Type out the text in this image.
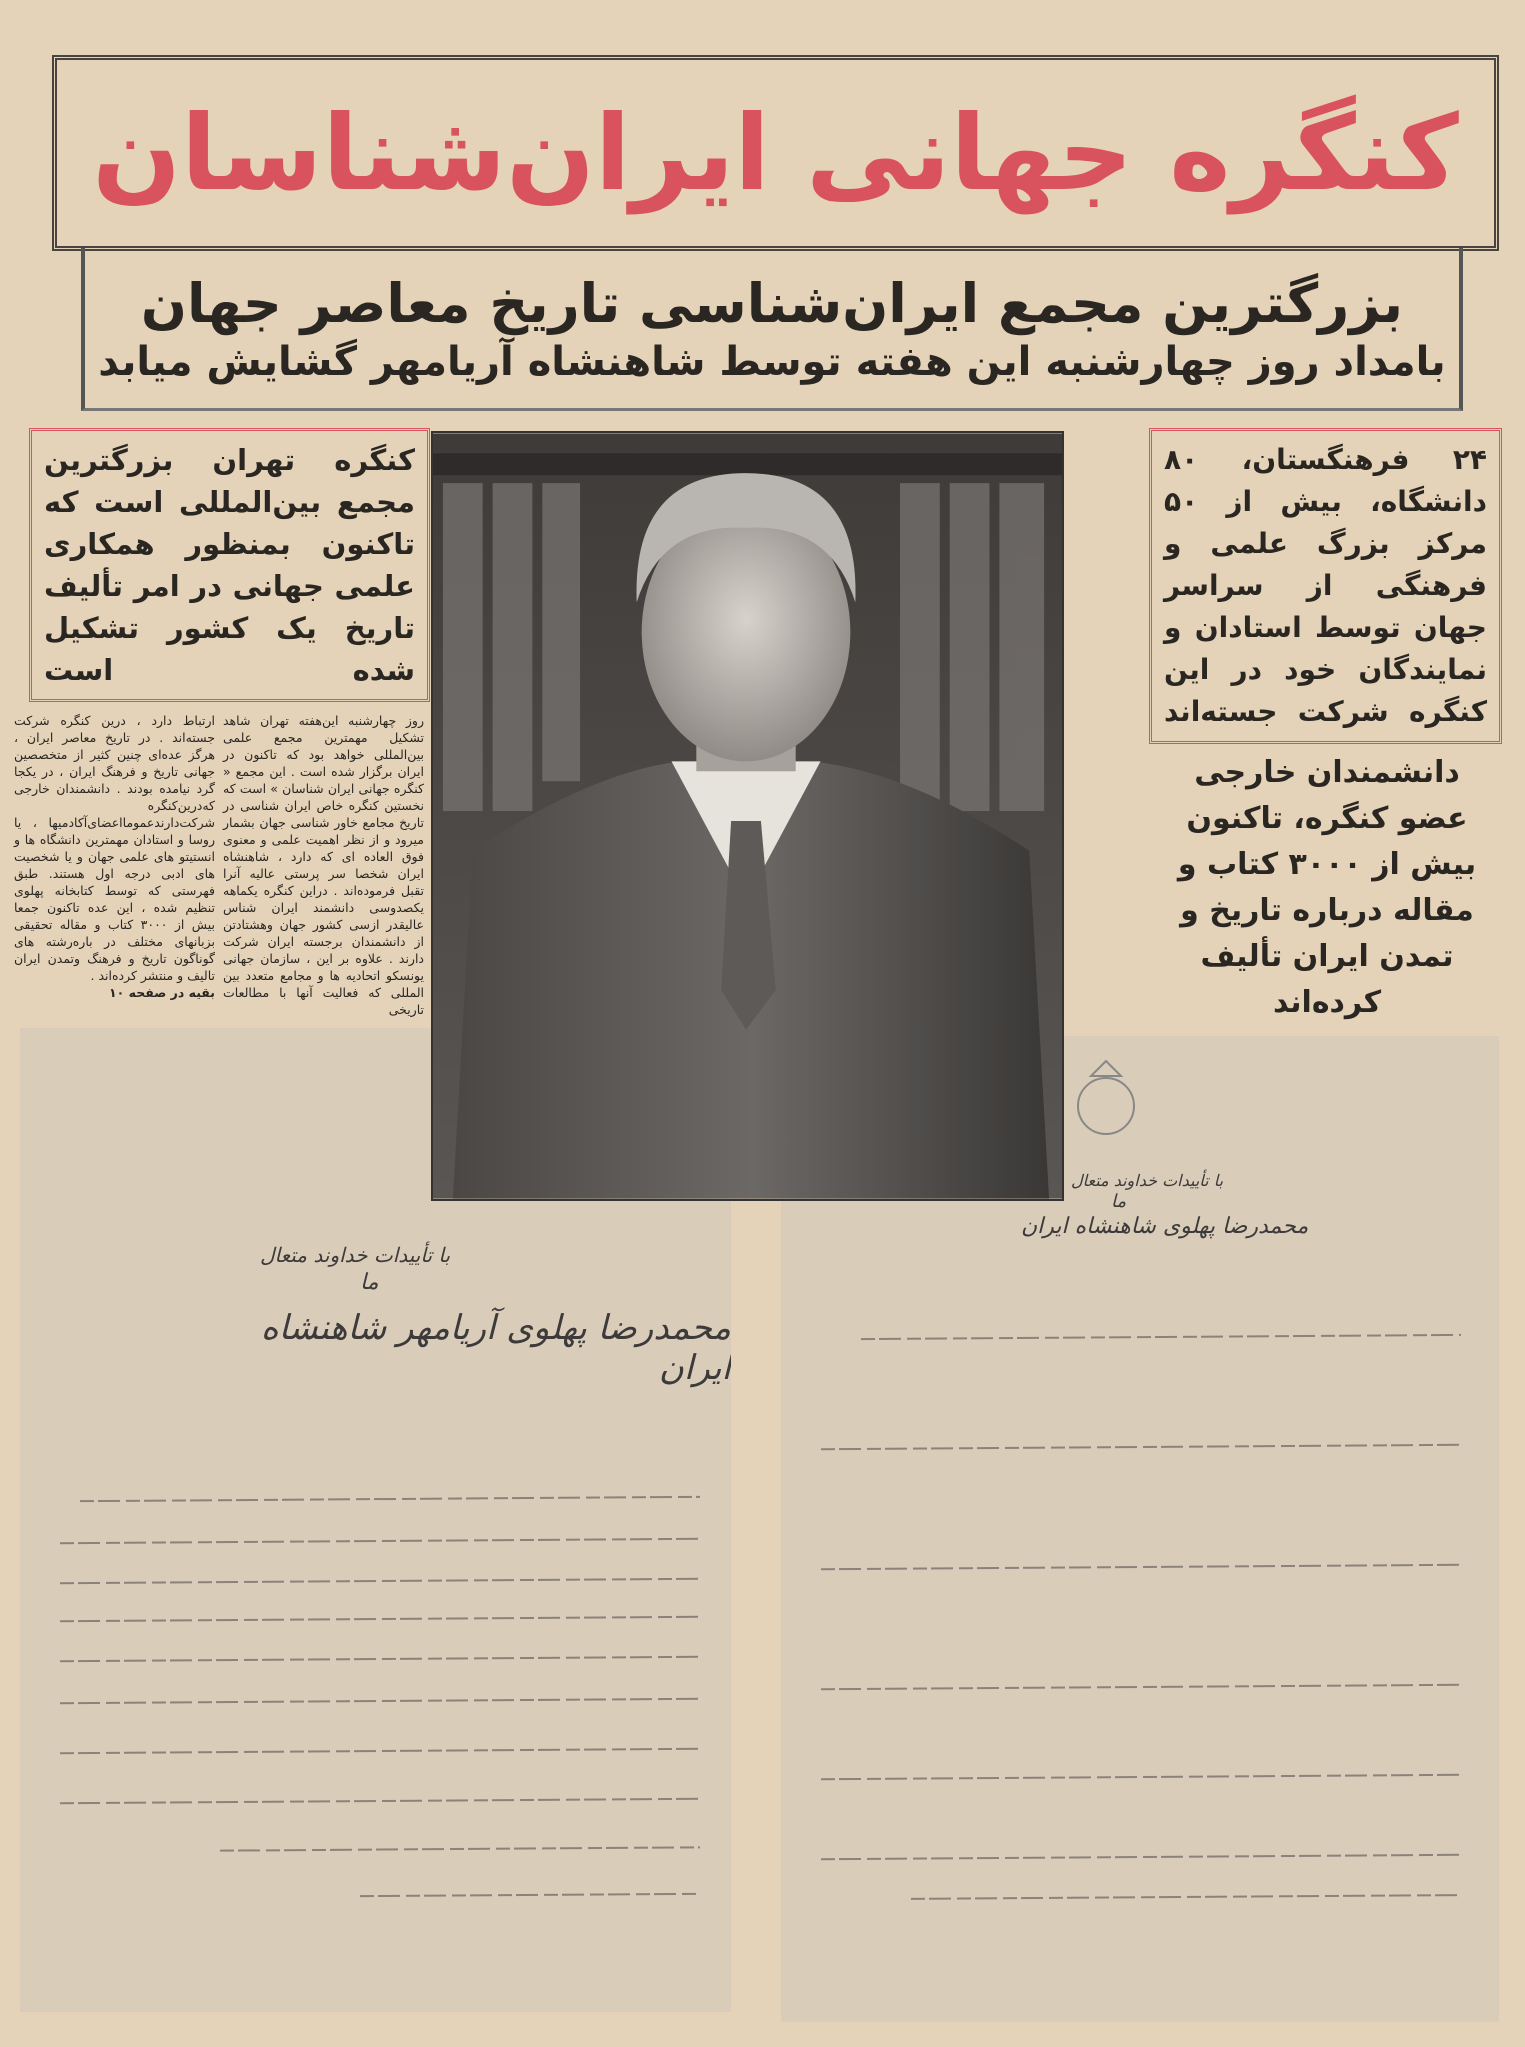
کنگره جهانی ایران‌شناسان
بزرگترین مجمع ایران‌شناسی تاریخ معاصر جهان
بامداد روز چهارشنبه این هفته توسط شاهنشاه آریامهر گشایش میابد
کنگره تهران بزرگترین مجمع بین‌المللی است که تاکنون بمنظور همکاری علمی جهانی در امر تألیف تاریخ یک کشور تشکیل شده است
ارتباط دارد ، درین کنگره شرکت جسته‌اند . در تاریخ معاصر ایران ، هرگز عده‌ای چنین کثیر از متخصصین جهانی تاریخ و فرهنگ ایران ، در یکجا گرد نیامده بودند . دانشمندان خارجی که‌درین‌کنگره شرکت‌دارند‌عموما‌اعضای‌آکادمیها ، یا روسا و استادان مهمترین دانشگاه ها و انستیتو های علمی جهان و یا شخصیت های ادبی درجه اول هستند. طبق فهرستی که توسط کتابخانه پهلوی تنظیم شده ، این عده تاکنون جمعا بیش از ۳۰۰۰ کتاب و مقاله تحقیقی بزبانهای مختلف در باره‌رشته های گوناگون تاریخ و فرهنگ وتمدن ایران تالیف و منتشر کرده‌اند .
بقیه در صفحه ۱۰
روز چهارشنبه این‌هفته تهران شاهد تشکیل مهمترین مجمع علمی بین‌المللی خواهد بود که تاکنون در ایران برگزار شده است . این مجمع « کنگره جهانی ایران شناسان » است که نخستین کنگره خاص ایران شناسی در تاریخ مجامع خاور شناسی جهان بشمار میرود و از نظر اهمیت علمی و معنوی فوق العاده ای که دارد ، شاهنشاه ایران شخصا سر پرستی عالیه آنرا تقبل فرموده‌اند . دراین کنگره یکماهه یکصدوسی دانشمند ایران شناس عالیقدر ازسی کشور جهان وهشتادتن از دانشمندان برجسته ایران شرکت دارند . علاوه بر این ، سازمان جهانی یونسکو اتحادیه ها و مجامع متعدد بین المللی که فعالیت آنها با مطالعات تاریخی
با تأییدات خداوند متعال
ما
محمدرضا پهلوی آریامهر شاهنشاه ایران
۲۴ فرهنگستان، ۸۰ دانشگاه، بیش از ۵۰ مرکز بزرگ علمی و فرهنگی از سراسر جهان توسط استادان و نمایندگان خود در این کنگره شرکت جسته‌اند
دانشمندان خارجی عضو کنگره، تاکنون بیش از ۳۰۰۰ کتاب و مقاله درباره تاریخ و تمدن ایران تألیف کرده‌اند
با تأییدات خداوند متعال
ما
محمدرضا پهلوی شاهنشاه ایران
